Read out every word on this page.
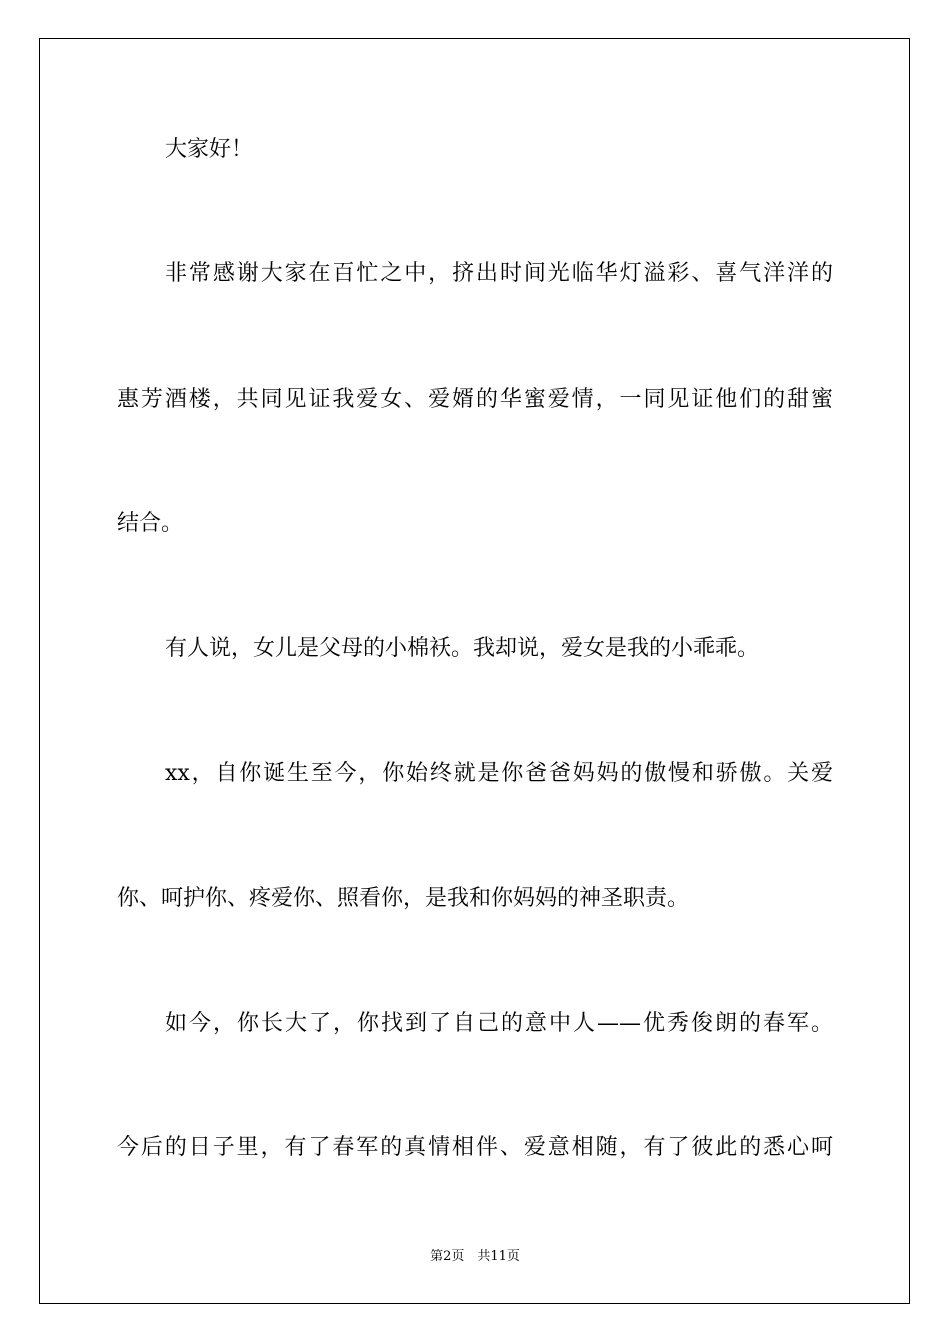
大家好！
非常感谢大家在百忙之中，挤出时间光临华灯溢彩、喜气洋洋的
惠芳酒楼，共同见证我爱女、爱婿的华蜜爱情，一同见证他们的甜蜜
结合。
有人说，女儿是父母的小棉袄。我却说，爱女是我的小乖乖。
xx，自你诞生至今，你始终就是你爸爸妈妈的傲慢和骄傲。关爱
你、呵护你、疼爱你、照看你，是我和你妈妈的神圣职责。
如今，你长大了，你找到了自己的意中人——优秀俊朗的春军。
今后的日子里，有了春军的真情相伴、爱意相随，有了彼此的悉心呵
第2页　共11页
